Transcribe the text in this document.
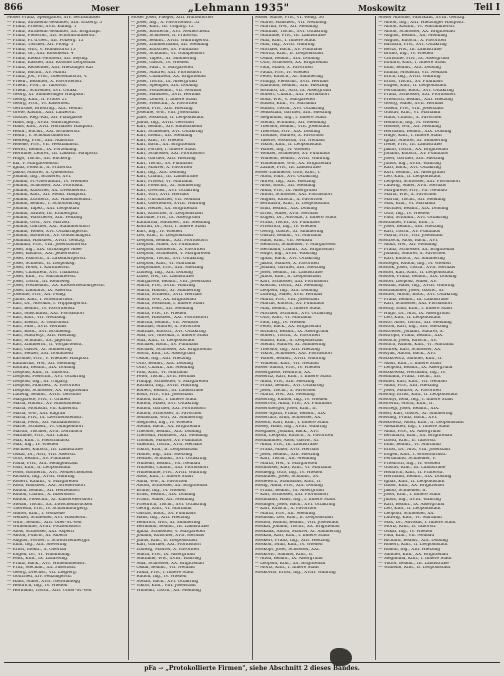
866	Moser	„Lehmann 1935"	Moskowitz	Teil I
Moser Franz, Speisgafter, XIV. Sechshauser
— Franz, Straßenb.-Beamter, XIII. Eitzerg. 5
— Franz, Friseur, XVII. Kulmg. 1
— Franz, Straßenb.-Beamter, XX. Brigittapl.
— Franz, Fleischh., XII. Schönbrunnerstr.
— Franz, Fl. d.Ges., XII. Pölzerg. 15
— Franz, Tischler, XII. Flößg. 1
— Franz, Wirt, V. Hundsturm 13
— Franz, Gr., XXI. Koloniestr. 4
— Franz, Elektr.-Monteur, XII. Seydlg.
— Franz, Kassier, XXI. Kolonie Leopoldau
— Franz, Reisender, XIII. Hietzinger Kai
— Franz, Buchh., XV. Markt
— Franz, Jos., Prof., Obersenatsrat, V.
— Friedr., Beamter, X. Favoritenstr.
— Friedr., Prof., II. Taborstr.
— Friedr., Schreiner, XVI. Ottakr.
— Georg, XI. Simmeringer Hauptstr.
— Georg, Kfm., II. Prater 21
— Georg, Prof., VI. Kasernen.
— Gertrude, Briefträg., XIX. Weinb.
— Grete, Kaufm., XIII. Linzerstr.
— Gustav, Reg.-Rat, XII. Pfalzgasse
— Hans, Ing., XVIII. Währingerstr.
— Hans, Kfm., XVII. Hernalser Hauptstr.
— Heinr., Buchh., XXI. Brünnerstr.
— Heinr., V. Schönbrunnerstr.
— Hedwig, Prof., XIII. Auhofstr.
— Helene, Priv., VII. Westbahnstr.
— Herm., Beamt., IX. Porzellang.
— Hermine, Lehrer., III. Landstr. Hauptstr.
— Hugo, Tischl., XII. Ruckerg.
— Ida, V. Margaretenstr.
— Ignaz, Fleisch., II. Praterstr.
— Jakob, Maurer, X. Quellenstr.
— Johann, Ing., Brauerei, XVI.
— Johann, Fl.-Oberamtm., IV. Wiedner
— Johann, Schlosser, XXI. Floridsdf.
— Johann, Kutscher, XX. Dresdnerstr.
— Johann, Kfm., XII. Meidl. Hauptstr.
— Johann, Zuckerb., XX. Wallensteinstr.
— Johann, Beamt., I. Schottenring
— Johann, Tapez., XXI. Leopoldau
— Johann, Sattler, III. Erdbergstr.
— Johann, Wäscherei, XIII. Penzing
— Johann, Grst., XIV. Märzstr.
— Johann, Gärtner, XXI. Stammersdorf
— Johann, Weber, XVI. Ottakringerstr.
— Johann, Bäckerm., XV. Goldschlagstr.
— Johanna, Hausbes., XVIII. Gentzg.
— Johanna, Priv., VIII. Josefstädterstr.
— Josef, Ing., XIX. Grinzinger Allee
— Josef, Bauarb., XXI. Jedlersdorf
— Josef, Fahrsch., X. Laxenburgerstr.
— Josef, Schneid., II. Leopoldsg.
— Josef, Hotel, I. Kärntnerstr.
— Josef, Chauffeur, XVI. Thaliastr.
— Josef, Kfm., VI. Mariahilferstr.
— Josef, Tischl., III. Rennweg
— Josef, Postbeamt., XX. Klosterneuburgerstr.
— Josef, Zahnarzt, IX. Alserstr.
— Josefine, Priv., XII. Pohlg.
— Julius, Kfm., I. Rotenturmstr.
— Karl, Dr., Advokat, I. Wipplingerstr.
— Karl, Beamt., IV. Favoritenstr.
— Karl, Maschinist, XXI. Floridsdorf
— Karl, Kfm., VII. Neubaug.
— Karl, Elektr., X. Gudrunstr.
— Karl, Fabr., XVII. Hernals
— Karl, Bäck., XVI. Brunneng.
— Karl, Maurerp., XIII. Hietzing
— Karl, Schuhm., XX. Jägerstr.
— Karl, Zimmerm., II. Vorgartenstr.
— Karl, Gastw., XI. Simmering
— Karl, Heizer, XXI. Donaufeld
— Karoline, Priv., V. Wiedner Hauptstr.
— Katharina, Ww., XII. Meidling
— Konrad, Beamt., XIX. Döbling
— Leopold, Kfm., II. Taborstr.
— Leopold, Fleischh., XVI. Ottakring
— Leopold, Ing., III. Ungarg.
— Leopold, Fahrbed., X. Favoriten
— Leopold, Schlosser, XX. Brigittenau
— Ludwig, Beamt., XVIII. Gersthof
— Margarete, Priv., I. Graben
— Maria, Hausfr., XV. Rudolfsheim
— Maria, Modistin, VII. Kaiserstr.
— Maria, Ww., XXI. Kagran
— Maria, Priv., IX. Liechtensteinstr.
— Maria, Pens., XII. Altmannsdorf
— Marie, Schneid., VI. Gumpendorf
— Martin, Tischler, XVII. Dornbach
— Mathilde, Priv., XIII. Lainz
— Max, Kfm., I. Fleischmarkt
— Max, Ing., IV. Wieden
— Michael, Kutsch., III. Landstraße
— Oskar, Dr., Arzt, VIII. Alserstr.
— Otto, Beamt., XV. Fünfhaus
— Paula, Priv., XIX. Heiligenstadt
— Paul, Kfm., II. Leopoldstadt
— Peter, Bäckerm., XVI. Neulerchenfeld
— Richard, Ing., XVIII. Währing
— Robert, Kaufm., V. Margareten
— Rosa, Hausbes., XXI. Strebersdorf
— Rudolf, Beamt., XII. Hetzendorf
— Rudolf, Chauff., X. Inzersdorf
— Rudolf, Fleischh., XI. Kaiserebersdorf
— Stefan, Tischl., XX. Zwischenbrücken
— Theresia, Priv., IV. Schaumburgerg.
— Walter, Kfm., I. Wollzeile
— Wenzel, Schneider, XVI. Hasnerstr.
— Wilh., Beamt., XIII. Ober-St.-Veit
— Wilhelmine, XVIII. Pötzleinsdorf
— Alois, Schlosser, XXI. Aspern
— Anton, Fuhrw., XI. Albern
— August, Portier, I. Schwarzenbergpl.
— Emil, Ing., XIX. Sievering
— Ernst, Elektr., X. Oberlaa
— Eugen, Dr., VI. Windmühlg.
— Felix, Kfm., IX. Lazarethg.
— Franz, Bäck., XVI. Wilhelminenstr.
— Fritz, Mechan., XX. Pasettistr.
— Georg, Drechsl., VII. Zieglerg.
— Gottfried, XIV. Penzingerstr.
— Hans, Maler, XVII. Neuwaldegg
— Heinrich, Ing., IV. Wieden
— Hermann, Tischl., XIII. Unter-St.-Veit
Moser Josef, Pfleger, XIII. Hütteldorfer
— Josef, Ing., X. Favoritenstr. 55
— Josef, Kfm., III. Ungarg. 12
— Josef, Bäckerm., XVI. Neulerchenf.
— Josef, Schlosser, II. Praterstr.
— Josef, Beamt., XVIII. Währingerstr.
— Josef, Zimmermann, XII. Meidling
— Josef, Kutscher, XV. Fünfhaus
— Josef, Schuhm., VI. Gumpendorf
— Josef, Tapez., XI. Simmering
— Josef, Gastw., IV. Wieden
— Josef, Fabr., V. Margareten
— Josef, Maurer, XXI. Floridsdorf
— Josef, Chauffeur, XX. Brigittenau
— Josef, Tischl., IX. Alsergrund
— Josef, Spengler, XIX. Döbling
— Josef, Postbeamt., VII. Neubau
— Josef, Hausbes., XVII. Hernals
— Josef, Lehrer, I. Innere Stadt
— Josef, Fleischh., X. Favoriten
— Josefa, Priv., XIII. Hietzing
— Josefine, Ww., VIII. Josefstadt
— Julie, Modistin, II. Leopoldstadt
— Julius, Ing., XVIII. Gersthof
— Karl, Beamt., XIV. Rudolfsheim
— Karl, Schneider, XVI. Ottakring
— Karl, Elektr., XII. Meidling
— Karl, Kfm., IV. Wieden
— Karl, Bäck., XX. Brigittenau
— Karl, Portier, I. Innere Stadt
— Karl, Schlosser, XXI. Floridsdorf
— Karl, Gärtner, XIII. Hietzing
— Karl, Tischl., XV. Fünfhaus
— Karl, Maurer, X. Favoriten
— Karl, Ing., XIX. Döbling
— Karl, Chauff., III. Landstraße
— Karl, Friseur, VI. Mariahilf
— Karl, Fleischh., XI. Simmering
— Karl, Drechsl., XVI. Ottakring
— Karl, Wirt, XVII. Hernals
— Karl, Uhrmacher, VII. Neubau
— Karl, Oberlehrer, XVIII. Währing
— Karl, Heizer, XX. Brigittenau
— Karl, Kutscher, II. Leopoldstadt
— Karoline, Priv., IX. Alsergrund
— Katharina, Hausbes., XII. Meidling
— Konrad, Dr., Arzt, I. Innere Stadt
— Kurt, Ing., IV. Wieden
— Leo, Kfm., II. Leopoldstadt
— Leopold, Beamt., XXI. Floridsdorf
— Leopold, Maler, XV. Fünfhaus
— Leopold, Bäckerm., X. Favoriten
— Leopold, Schneider, V. Margareten
— Leopold, Tischl., XVI. Ottakring
— Leopold, Kfm., VI. Mariahilf
— Leopoldine, Priv., XIII. Hietzing
— Ludwig, Ing., XIX. Döbling
— Luise, Ww., III. Landstraße
— Margarete, Beamt., VIII. Josefstadt
— Maria, Priv., XVIII. Währing
— Maria, Hausfr., XI. Simmering
— Maria, Schneid., XVII. Hernals
— Maria, Ww., XX. Brigittenau
— Maria, Modistin, I. Innere Stadt
— Maria, Pens., XII. Meidling
— Maria, Priv., IV. Wieden
— Marie, Hausbes., XXI. Floridsdorf
— Martha, Beamt., VII. Neubau
— Mathias, Maurer, X. Favoriten
— Mathias, Kutsch., XVI. Ottakring
— Max, Dr., Advokat, I. Innere Stadt
— Max, Kfm., II. Leopoldstadt
— Michael, Bäck., XV. Fünfhaus
— Michael, Schlosser, XX. Brigittenau
— Moriz, Kfm., IX. Alsergrund
— Oskar, Ing., XIII. Hietzing
— Otto, Beamt., XIX. Döbling
— Otto, Chauff., XII. Meidling
— Paul, Kfm., VI. Mariahilf
— Peter, Tischl., XVII. Hernals
— Philipp, Schneider, V. Margareten
— Richard, Ing., XVIII. Währing
— Robert, Beamt., III. Landstraße
— Rosa, Priv., VIII. Josefstadt
— Rudolf, Kfm., I. Innere Stadt
— Rudolf, Maler, XVI. Ottakring
— Rudolf, Gärtner, XXI. Floridsdorf
— Rudolf, Schlosser, X. Favoriten
— Sebastian, Wirt, XI. Simmering
— Siegfried, Ing., IV. Wieden
— Stefan, Bäck., XX. Brigittenau
— Theodor, Beamt., XIX. Döbling
— Theresia, Hausbes., XII. Meidling
— Thomas, Maurer, XV. Fünfhaus
— Valentin, Tischl., XVII. Hernals
— Viktor, Kfm., II. Leopoldstadt
— Walter, Ing., XIII. Hietzing
— Wenzel, Schuhm., XVI. Ottakring
— Wilhelm, Beamt., VII. Neubau
— Wilhelm, Chauff., XXI. Floridsdorf
— Wilhelmine, Priv., XVIII. Währing
— Alois, Kfm., I. Innere Stadt
— Anna, Ww., X. Favoriten
— Anton, Schlosser, XX. Brigittenau
— Bruno, Ing., IV. Wieden
— Ernst, Beamt., XIX. Döbling
— Franz, Maler, XII. Meidling
— Friedrich, Tischl., XVI. Ottakring
— Georg, Kfm., VI. Mariahilf
— Gustav, Bäck., XV. Fünfhaus
— Hans, Ing., XIII. Hietzing
— Heinrich, Wirt, XI. Simmering
— Hermann, Beamt., III. Landstraße
— Ignaz, Schneider, V. Margareten
— Johann, Kutscher, XVII. Hernals
— Julius, Kfm., II. Leopoldstadt
— Karl, Gärtner, XXI. Floridsdorf
— Ludwig, Maurer, X. Favoriten
— Maria, Priv., IX. Alsergrund
— Mathilde, Ww., XVIII. Währing
— Max, Schlosser, XX. Brigittenau
— Oskar, Beamt., VII. Neubau
— Paula, Priv., I. Innere Stadt
— Rudolf, Ing., IV. Wieden
— Stefan, Bäck., XVI. Ottakring
— Viktor, Kfm., VIII. Josefstadt
— Wilhelm, Tischl., XII. Meidling
Moser Marie, Priv., VI. Webg. 30
— Marie, Hausbes., VII. Neubaug.
— Martha, Ww., XII. Meidling
— Mathias, Tischl., XVI. Ottakring
— Mathilde, Priv., III. Landstraße
— Max, Kfm., I. Innere Stadt
— Max, Ing., XVIII. Währing
— Michael, Bäck., XV. Fünfhaus
— Moritz, Kfm., II. Leopoldstadt
— Oskar, Beamt., XIX. Döbling
— Otto, Schlosser, XX. Brigittenau
— Paul, Maler, X. Favoriten
— Paula, Priv., IV. Wieden
— Peter, Kutsch., XI. Simmering
— Philipp, Fleischh., XVII. Hernals
— Raimund, Beamt., XIII. Hietzing
— Richard, Dr., Arzt, IX. Alsergrund
— Robert, Chauff., XXI. Floridsdorf
— Rosa, Ww., V. Margareten
— Rudolf, Kfm., VI. Mariahilf
— Rudolf, Tischl., XVI. Ottakring
— Sebastian, Gärtner, XIII. Hietzing
— Siegmund, Ing., I. Innere Stadt
— Stefan, Schuhm., XII. Meidling
— Theodor, Beamt., VIII. Josefstadt
— Theresia, Priv., XIX. Döbling
— Thomas, Maurer, X. Favoriten
— Valerie, Modistin, VII. Neubau
— Viktor, Kfm., II. Leopoldstadt
— Walter, Ing., IV. Wieden
— Wenzel, Schneider, XV. Fünfhaus
— Wilhelm, Beamt., XVIII. Währing
— Wilhelmine, Ww., XX. Brigittenau
— Zäzilie, Priv., III. Landstraße
Moser-Zimmerer, Otto, Kfm., I.
— Adolf, Fabr., XVI. Ottakring
— Alfred, Ing., XIII. Hietzing
— Alois, Bäck., XII. Meidling
— Anna, Priv., IX. Alsergrund
— Anton, Schlosser, XXI. Floridsdorf
— August, Kutsch., X. Favoriten
— Bernhard, Kfm., II. Leopoldstadt
— Emil, Beamt., XIX. Döbling
— Ernst, Maler, XVII. Hernals
— Eugen, Dr., Advokat, I. Innere Stadt
— Franz, Tischl., XV. Fünfhaus
— Friedrich, Ing., IV. Wieden
— Georg, Gastw., XI. Simmering
— Gustav, Beamt., VI. Mariahilf
— Hans, Kfm., VII. Neubau
— Heinrich, Schneider, V. Margareten
— Hermann, Chauff., XX. Brigittenau
— Hugo, Ing., XVIII. Währing
— Ignaz, Bäck., XVI. Ottakring
— Jakob, Maurer, X. Favoriten
— Johann, Gärtner, XIII. Hietzing
— Josef, Beamt., III. Landstraße
— Julius, Kfm., II. Leopoldstadt
— Karl, Schlosser, XXI. Floridsdorf
— Konrad, Tischl., XII. Meidling
— Leopold, Ing., XIX. Döbling
— Ludwig, Maler, XVII. Hernals
— Maria, Priv., VIII. Josefstadt
— Martin, Kutsch., XV. Fünfhaus
— Max, Beamt., I. Innere Stadt
— Michael, Schuhm., XVI. Ottakring
— Otto, Kfm., VI. Mariahilf
— Paul, Ing., IV. Wieden
— Peter, Bäck., XX. Brigittenau
— Richard, Beamt., IX. Alsergrund
— Robert, Tischl., X. Favoriten
— Rudolf, Kfm., II. Leopoldstadt
— Stefan, Maurer, XI. Simmering
— Theodor, Ing., XIII. Hietzing
— Viktor, Schlosser, XXI. Floridsdorf
— Walter, Beamt., XVIII. Währing
— Wilhelm, Kfm., VII. Neubau
Moser-Simon, Priv., IV. Wieden
Mosergasse, Heinrich, XX.
Moseritz, Karl, Kfm., I. Innere Stadt
— Anna, Priv., XIII. Hietzing
— Franz, Beamt., XVI. Ottakring
— Josef, Tischl., X. Favoriten
— Maria, Ww., XII. Meidling
Mosernig, Rudolf, Ing., IV. Wieden
Moserová, Anna, Priv., XV. Fünfhaus
Mosersberger, Josef, Kfm., II.
Moser-Spath, Franz, Beamt., XIX.
Mosertarz, Emil, Schlosser, XX.
Moseth, Karl, Kfm., I. Innere Stadt
Mosey, Hans, Ing., XVIII. Währing
Mosgaller, Johann, Bäck., XVI.
Mosh, Leopold, Kutsch., X. Favoriten
Moshammer, Alois, Gastw., XI.
— Anna, Priv., III. Landstraße
— Franz, Maler, XVII. Hernals
— Josef, Beamt., XIII. Hietzing
— Karl, Tischl., XII. Meidling
— Maria, Ww., V. Margareten
Moshäuser, Karl, Kfm., VI. Mariahilf
Moshegg, Otto, Ing., IV. Wieden
Moshuber, Josef, Schuhm., XV.
Mosiewicz, Stanislaus, Kfm., II.
Mosig, Anna, Priv., XIX. Döbling
— Franz, Beamt., IX. Alsergrund
— Karl, Schlosser, XXI. Floridsdorf
Mosimann, Hans, Ing., I. Innere Stadt
Mosinger, Josef, Bäck., XVI. Ottakring
— Karl, Kutsch., X. Favoriten
— Maria, Priv., XII. Meidling
Mosinski, Leo, Kfm., II. Leopoldstadt
Mosión, Rudolf, Beamt., VIII. Josefstadt
Moskal, Johann, Tischl., XX. Brigittenau
Moskalik, Anton, Maurer, XI. Simmering
Moskau, Karl, Kfm., I. Innere Stadt
Moskert, Franz, Ing., XIII. Hietzing
Moskoff, Iwan, Kfm., IV. Wieden
Moskopf, Josef, Schlosser, XXI.
Moskovic, Samuel, Kfm., II.
— Adolf, Beamt., IX. Alsergrund
— Leopold, Kfm., XX. Brigittenau
— Moriz, Kfm., I. Innere Stadt
Moskovits, Ernst, Ing., XVIII. Währing
Moser Antonie, Fabrikant, XVIII. Gentzg.
— Anton, Ing., XIII. Hietzinger Hauptstr.
— Anton, Kaufm., VI. Mariahilferstr.
— Anton, Schlosser, XX. Brigittenau
— August, Beamt., XII. Meidling
— August, Kutsch., X. Favoriten
— Barbara, Priv., XVI. Ottakring
— Berta, Ww., III. Landstraße
— Bruno, Ing., IV. Wieden
— Christine, Priv., IX. Alsergrund
— Eduard, Kfm., I. Innere Stadt
— Emil, Beamt., XIX. Döbling
— Emma, Modistin, VII. Neubau
— Erich, Ing., XVIII. Währing
— Ernst, Tischl., XV. Fünfhaus
— Eugen, Kfm., II. Leopoldstadt
— Ferdinand, Bäck., XVI. Ottakring
— Franz, Schlosser, XXI. Floridsdorf
— Friedrich, Beamt., XIII. Hietzing
— Georg, Maler, XVII. Hernals
— Gisela, Priv., VIII. Josefstadt
— Gustav, Kfm., VI. Mariahilf
— Hans, Chauff., X. Favoriten
— Heinrich, Ing., IV. Wieden
— Helene, Ww., XII. Meidling
— Hermann, Beamt., XIX. Döbling
— Hugo, Kfm., I. Innere Stadt
— Ignaz, Maurer, XI. Simmering
— Irene, Priv., III. Landstraße
— Jakob, Tischl., XX. Brigittenau
— Johann, Kutsch., XV. Fünfhaus
— Josef, Gärtner, XIII. Hietzing
— Julius, Ing., XVIII. Währing
— Karl, Bäck., XVI. Ottakring
— Kurt, Beamt., IX. Alsergrund
— Leo, Kfm., II. Leopoldstadt
— Leopold, Schlosser, XXI. Floridsdorf
— Ludwig, Maler, XVII. Hernals
— Margarete, Priv., VII. Neubau
— Maria, Ww., X. Favoriten
— Martin, Tischl., XII. Meidling
— Max, Kfm., VI. Mariahilf
— Michael, Beamt., XIX. Döbling
— Otto, Ing., IV. Wieden
— Paul, Schuhm., XVI. Ottakring
Mostbauer, Franz, Kfm., I.
— Josef, Beamt., XIII. Hietzing
— Karl, Tischl., XV. Fünfhaus
— Maria, Priv., VIII. Josefstadt
Mostböck, Alois, Bäck., XVI.
— Anna, Ww., XII. Meidling
— Franz, Schlosser, XX. Brigittenau
— Johann, Maurer, X. Favoriten
— Karl, Kutsch., XI. Simmering
Mostegel, Rudolf, Ing., IV. Wieden
Mostek, Josef, Tischl., XVII. Hernals
Mostel, Karl, Kfm., II. Leopoldstadt
Mosten, Franz, Beamt., XIX. Döbling
Moster, Leopold, Maler, XV.
Mosthaf, Hans, Ing., XVIII. Währing
Mosthammer, Josef, Gastw., XI.
Mostler, Anton, Bäck., XVI. Ottakring
— Franz, Beamt., III. Landstraße
— Karl, Schlosser, XXI. Floridsdorf
Mostny, Emil, Kfm., I. Innere Stadt
— Hugo, Dr., Arzt, IX. Alsergrund
— Leo, Kfm., II. Leopoldstadt
Mosto, Alois, Tischl., XII. Meidling
Moston, Karl, Ing., XIII. Hietzing
Mostowiec, Johann, Maurer, X.
Mostroph, Franz, Beamt., XIX.
Mostsch, Josef, Kutsch., XV.
Mosuch, Rudolf, Kfm., VI. Mariahilf
Mosurek, Karl, Schlosser, XX.
Mosyak, Anton, Bäck., XVI.
Moszkowicz, Samuel, Kfm., II.
— Adolf, Kfm., I. Innere Stadt
— Leopold, Beamt., IX. Alsergrund
Moszkowski, Hermann, Ing., IV.
Mosmann, Franz, Tischl., XII.
Mosner, Karl, Kfm., VII. Neubau
— Anna, Priv., XIII. Hietzing
— Josef, Maurer, X. Favoriten
Mosony, Ernst, Kfm., II. Leopoldstadt
Mosonyi, Béla, Ing., I. Innere Stadt
Mosowitz, Moriz, Kfm., II.
Mosriegl, Josef, Beamt., XIX.
Mössl, Karl, Gastw., XI. Simmering
Mossing, Franz, Bäck., XVI.
Moskowitz, Adolf, Kfm., II. Leopoldstadt
— Alexander, Ing., I. Innere Stadt
— Anna, Priv., IX. Alsergrund
— Bernhard, Kfm., XX. Brigittenau
— David, Kfm., II. Taborstr.
— Emil, Beamt., VI. Mariahilf
— Ernst, Dr., Arzt, VIII. Josefstadt
— Eugen, Kfm., I. Rotenturmstr.
— Ferdinand, Schneider, V.
— Friedrich, Ing., IV. Wieden
— Gustav, Kfm., III. Landstraße
— Heinrich, Kfm., II. Praterstr.
— Hermann, Beamt., XIX. Döbling
— Ignaz, Kfm., II. Leopoldstadt
— Isidor, Kfm., XX. Brigittenau
— Jakob, Schneider, II.
— Josef, Kfm., I. Innere Stadt
— Julius, Ing., XVIII. Währing
— Karl, Beamt., IX. Alsergrund
— Leo, Kfm., II. Leopoldstadt
— Leopold, Schneider, XX.
— Ludwig, Kfm., VI. Mariahilf
— Max, Dr., Advokat, I. Innere Stadt
— Moriz, Kfm., II. Taborstr.
— Oskar, Ing., IV. Wieden
— Paul, Kfm., VII. Neubau
— Richard, Beamt., XIX. Döbling
— Robert, Kfm., II. Leopoldstadt
— Rudolf, Ing., XIII. Hietzing
— Samuel, Kfm., XX. Brigittenau
— Siegmund, Kfm., I. Innere Stadt
— Viktor, Beamt., III. Landstraße
— Wilhelm, Kfm., II. Leopoldstadt
pFa → „Protokollierte Firmen", siehe Abschnitt 2 dieses Bandes.
